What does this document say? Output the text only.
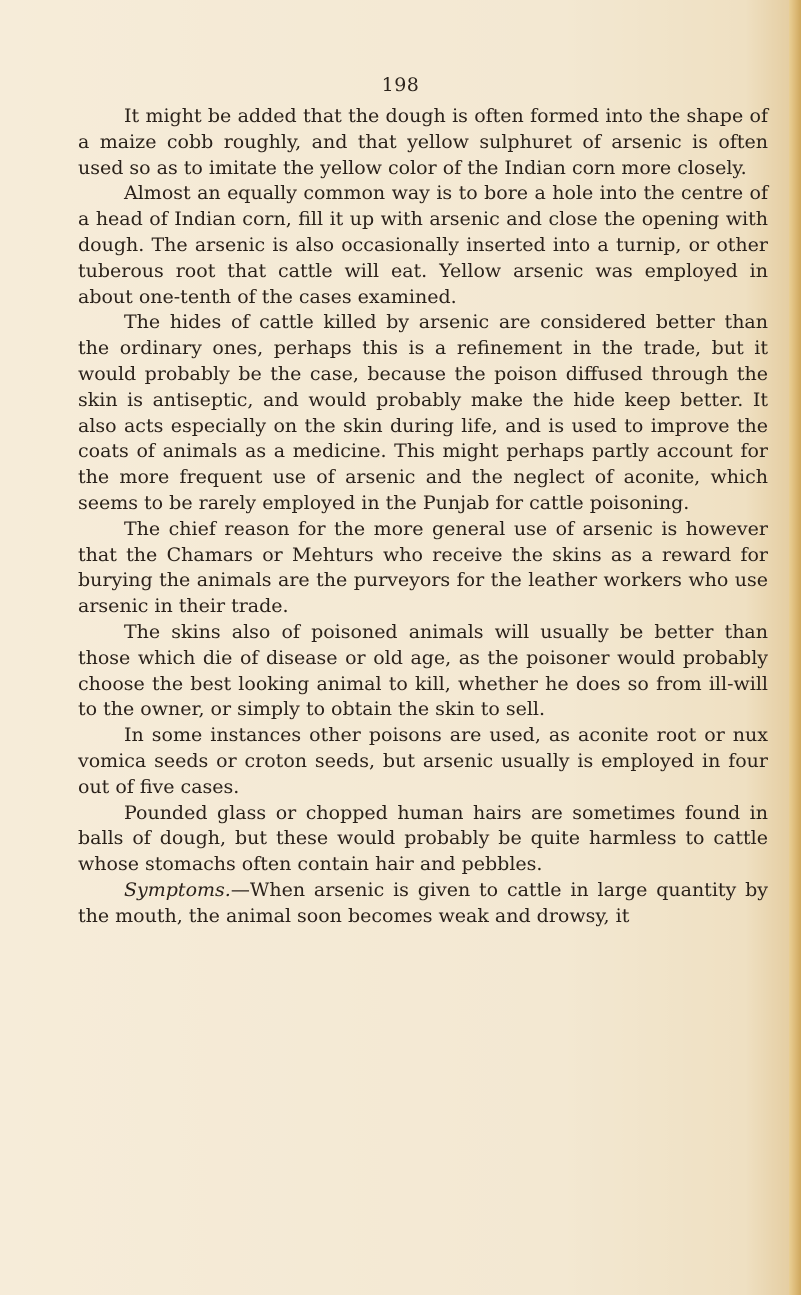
198

It might be added that the dough is often formed into the shape of a maize cobb roughly, and that yellow sulphuret of arsenic is often used so as to imitate the yellow color of the Indian corn more closely.

Almost an equally common way is to bore a hole into the centre of a head of Indian corn, fill it up with arsenic and close the opening with dough. The arsenic is also occasionally inserted into a turnip, or other tuberous root that cattle will eat. Yellow arsenic was employed in about one-tenth of the cases examined.

The hides of cattle killed by arsenic are considered better than the ordinary ones, perhaps this is a refinement in the trade, but it would probably be the case, because the poison diffused through the skin is antiseptic, and would probably make the hide keep better. It also acts especially on the skin during life, and is used to improve the coats of animals as a medicine. This might perhaps partly account for the more frequent use of arsenic and the neglect of aconite, which seems to be rarely employed in the Punjab for cattle poisoning.

The chief reason for the more general use of arsenic is however that the Chamars or Mehturs who receive the skins as a reward for burying the animals are the purveyors for the leather workers who use arsenic in their trade.

The skins also of poisoned animals will usually be better than those which die of disease or old age, as the poisoner would probably choose the best looking animal to kill, whether he does so from ill-will to the owner, or simply to obtain the skin to sell.

In some instances other poisons are used, as aconite root or nux vomica seeds or croton seeds, but arsenic usually is employed in four out of five cases.

Pounded glass or chopped human hairs are sometimes found in balls of dough, but these would probably be quite harmless to cattle whose stomachs often contain hair and pebbles.

Symptoms.—When arsenic is given to cattle in large quantity by the mouth, the animal soon becomes weak and drowsy, it
